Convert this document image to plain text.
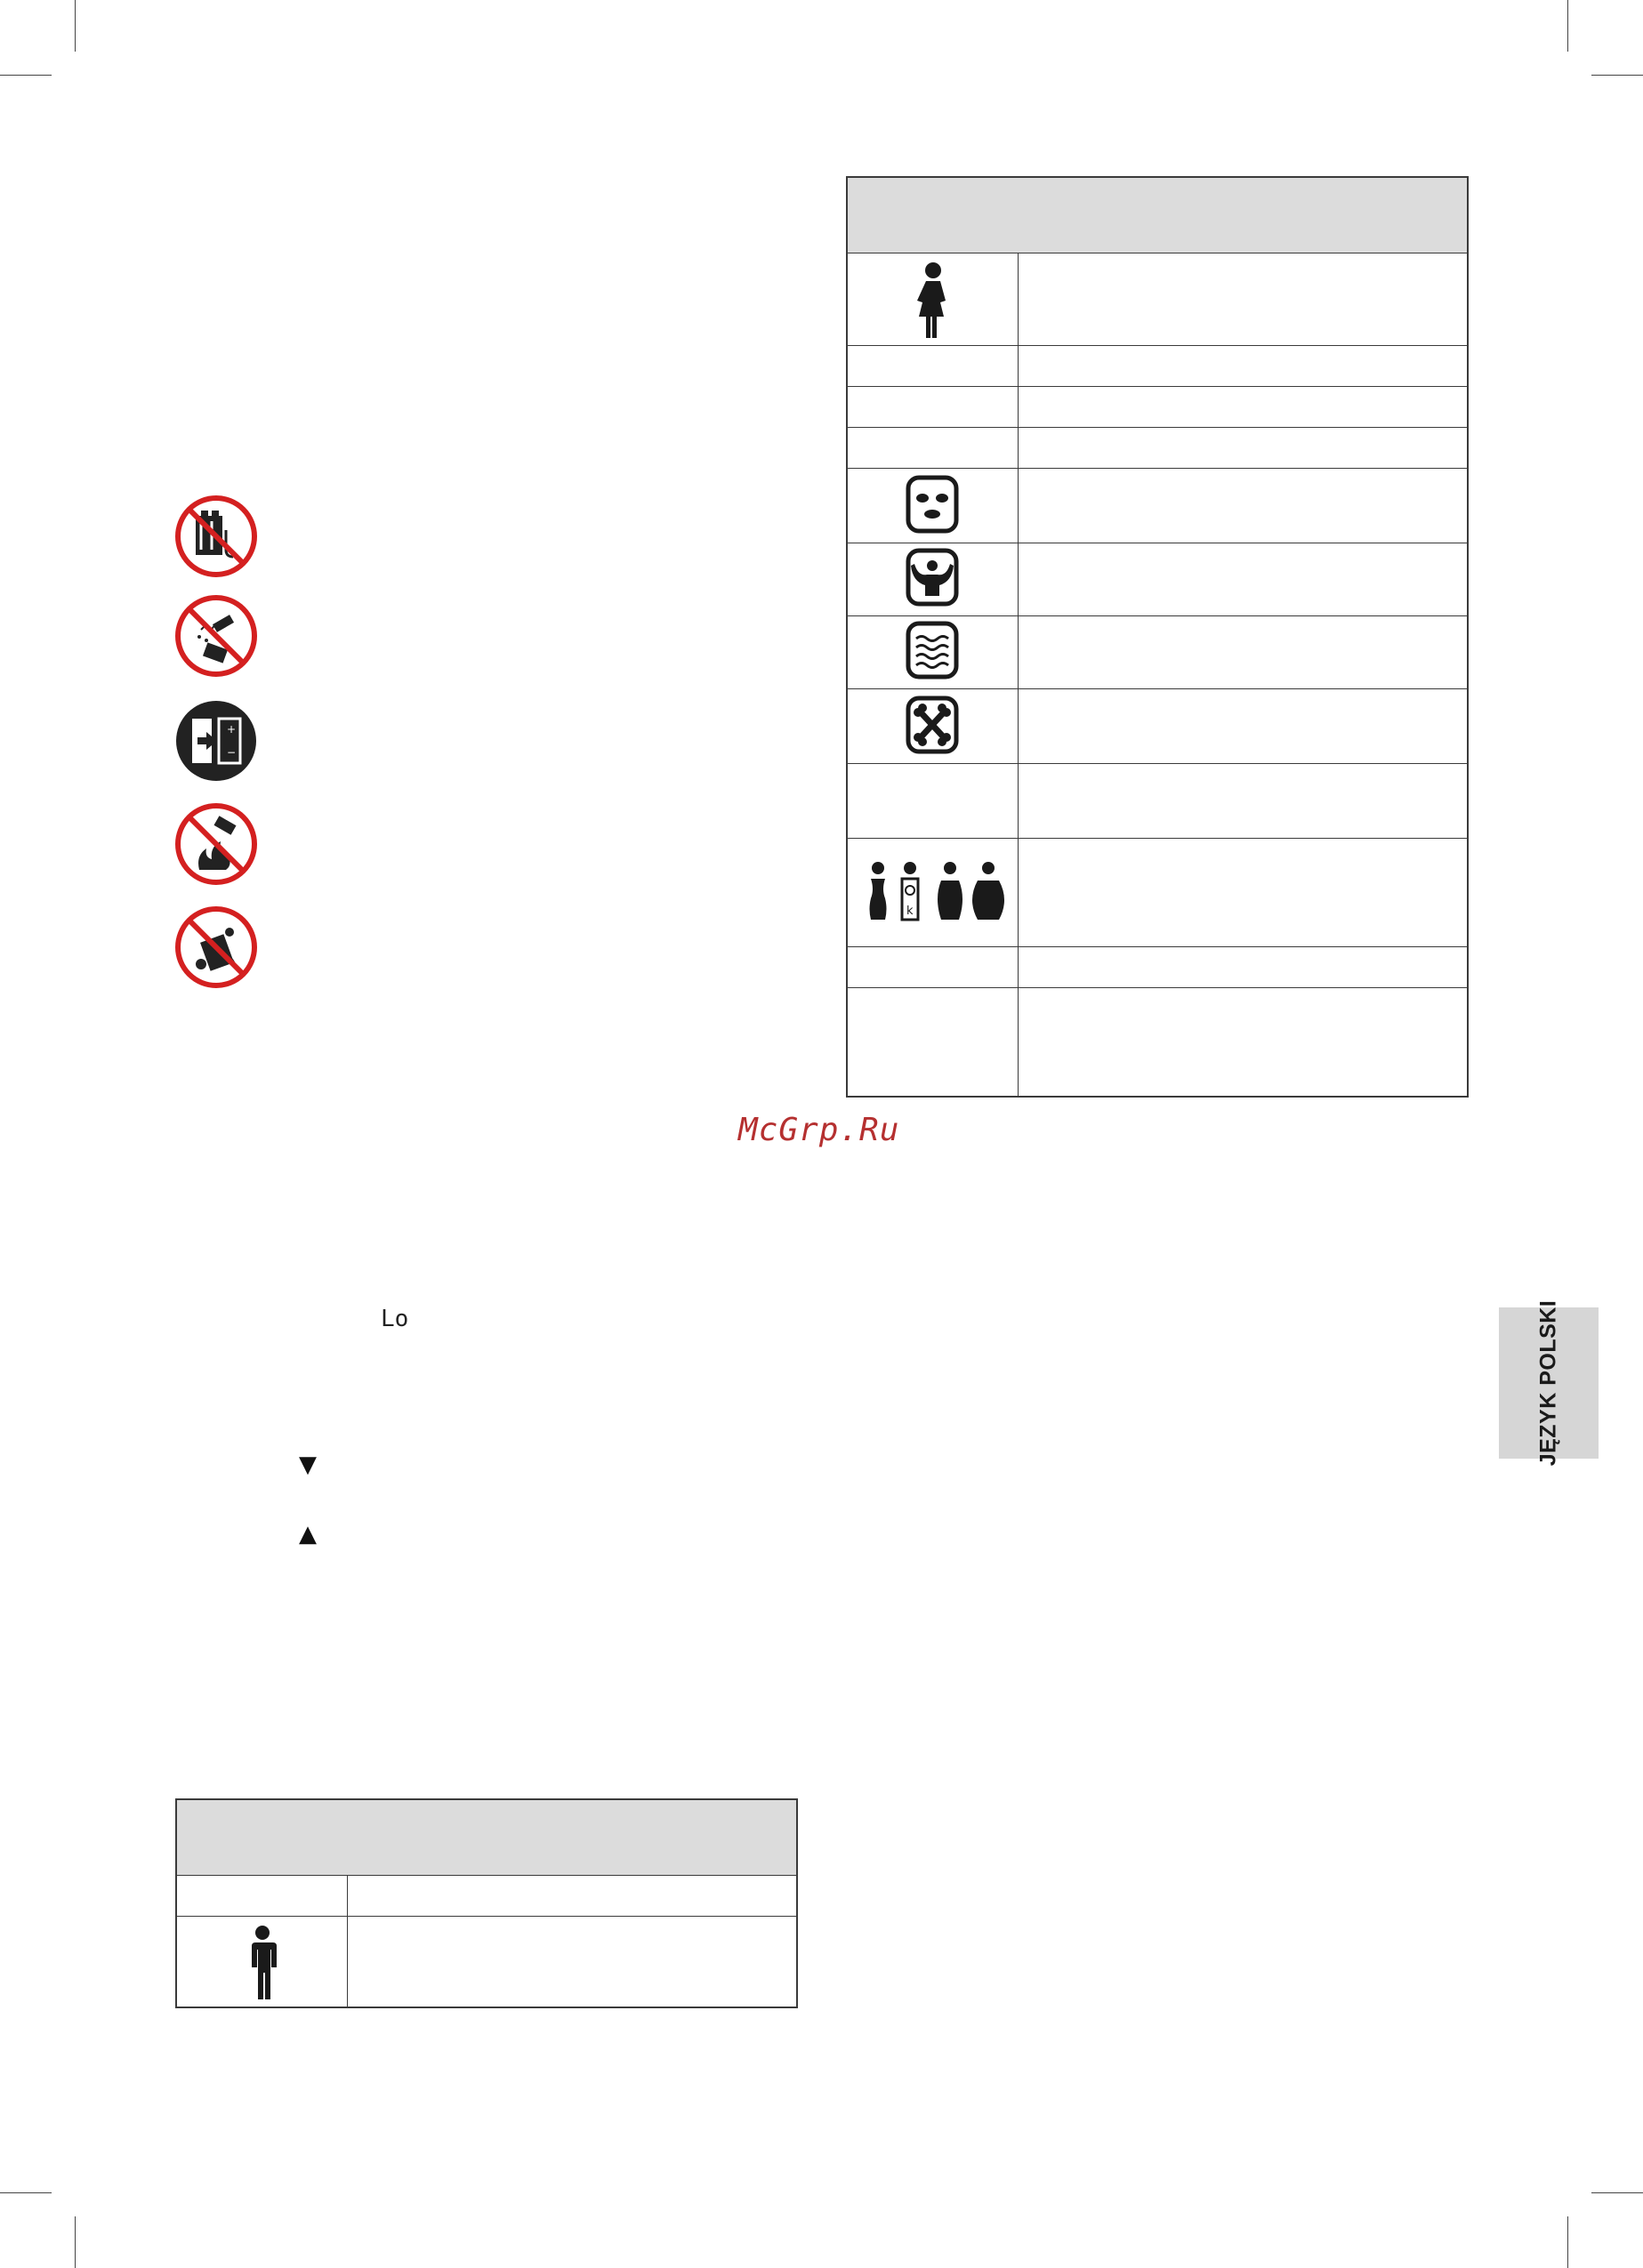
+
−
k
McGrp.Ru
JĘZYK POLSKI
Lo
▼
▲
